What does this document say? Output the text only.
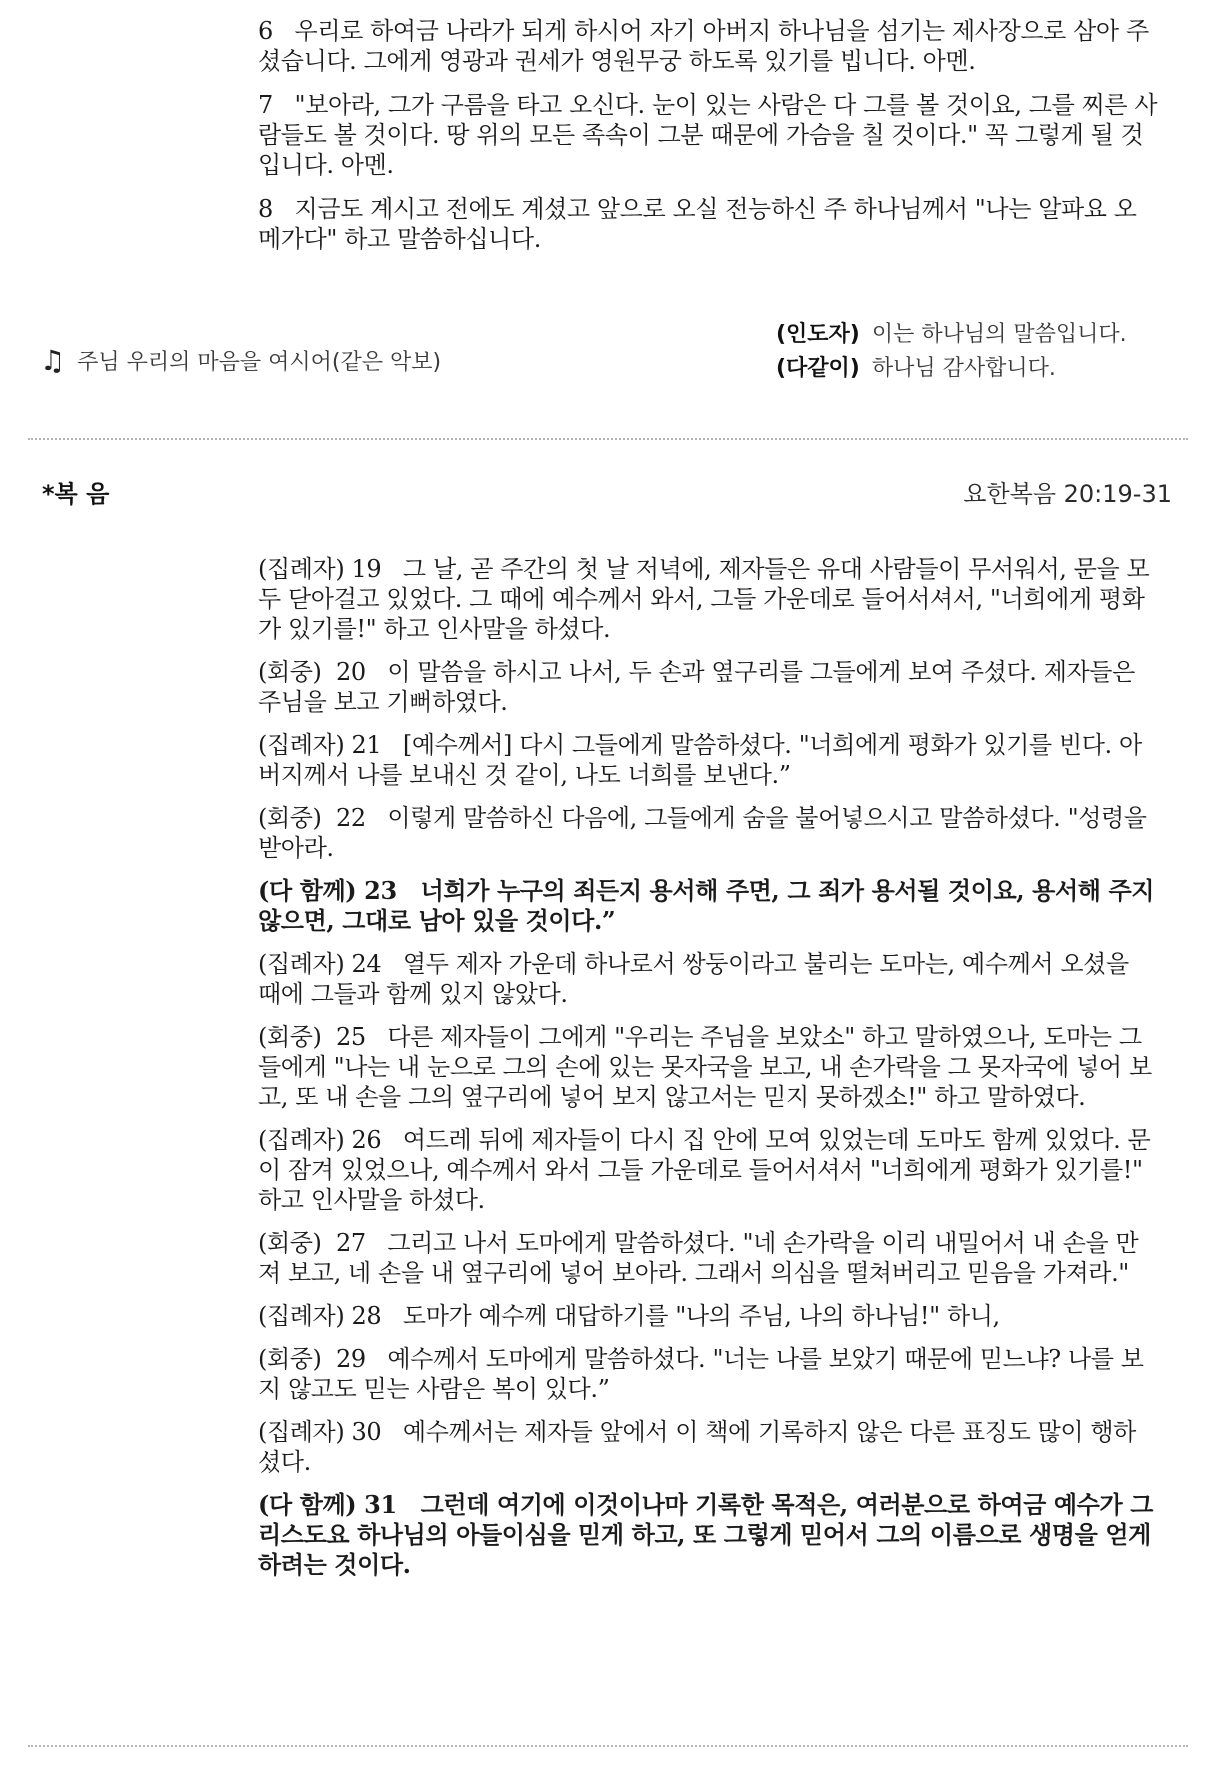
6   우리로 하여금 나라가 되게 하시어 자기 아버지 하나님을 섬기는 제사장으로 삼아 주셨습니다. 그에게 영광과 권세가 영원무궁 하도록 있기를 빕니다. 아멘.

7   "보아라, 그가 구름을 타고 오신다. 눈이 있는 사람은 다 그를 볼 것이요, 그를 찌른 사람들도 볼 것이다. 땅 위의 모든 족속이 그분 때문에 가슴을 칠 것이다." 꼭 그렇게 될 것입니다. 아멘.

8   지금도 계시고 전에도 계셨고 앞으로 오실 전능하신 주 하나님께서 "나는 알파요 오메가다" 하고 말씀하십니다.

♫ 주님 우리의 마음을 여시어(같은 악보)
(인도자) 이는 하나님의 말씀입니다.
(다같이) 하나님 감사합니다.
*복 음	요한복음 20:19-31

(집례자) 19   그 날, 곧 주간의 첫 날 저녁에, 제자들은 유대 사람들이 무서워서, 문을 모두 닫아걸고 있었다. 그 때에 예수께서 와서, 그들 가운데로 들어서셔서, "너희에게 평화가 있기를!" 하고 인사말을 하셨다.

(회중)  20   이 말씀을 하시고 나서, 두 손과 옆구리를 그들에게 보여 주셨다. 제자들은 주님을 보고 기뻐하였다.

(집례자) 21   [예수께서] 다시 그들에게 말씀하셨다. "너희에게 평화가 있기를 빈다. 아버지께서 나를 보내신 것 같이, 나도 너희를 보낸다.”

(회중)  22   이렇게 말씀하신 다음에, 그들에게 숨을 불어넣으시고 말씀하셨다. "성령을 받아라.

(다 함께) 23   너희가 누구의 죄든지 용서해 주면, 그 죄가 용서될 것이요, 용서해 주지 않으면, 그대로 남아 있을 것이다.”

(집례자) 24   열두 제자 가운데 하나로서 쌍둥이라고 불리는 도마는, 예수께서 오셨을 때에 그들과 함께 있지 않았다.

(회중)  25   다른 제자들이 그에게 "우리는 주님을 보았소" 하고 말하였으나, 도마는 그들에게 "나는 내 눈으로 그의 손에 있는 못자국을 보고, 내 손가락을 그 못자국에 넣어 보고, 또 내 손을 그의 옆구리에 넣어 보지 않고서는 믿지 못하겠소!" 하고 말하였다.

(집례자) 26   여드레 뒤에 제자들이 다시 집 안에 모여 있었는데 도마도 함께 있었다. 문이 잠겨 있었으나, 예수께서 와서 그들 가운데로 들어서셔서 "너희에게 평화가 있기를!" 하고 인사말을 하셨다.

(회중)  27   그리고 나서 도마에게 말씀하셨다. "네 손가락을 이리 내밀어서 내 손을 만져 보고, 네 손을 내 옆구리에 넣어 보아라. 그래서 의심을 떨쳐버리고 믿음을 가져라."

(집례자) 28   도마가 예수께 대답하기를 "나의 주님, 나의 하나님!" 하니,

(회중)  29   예수께서 도마에게 말씀하셨다. "너는 나를 보았기 때문에 믿느냐? 나를 보지 않고도 믿는 사람은 복이 있다.”

(집례자) 30   예수께서는 제자들 앞에서 이 책에 기록하지 않은 다른 표징도 많이 행하셨다.

(다 함께) 31   그런데 여기에 이것이나마 기록한 목적은, 여러분으로 하여금 예수가 그리스도요 하나님의 아들이심을 믿게 하고, 또 그렇게 믿어서 그의 이름으로 생명을 얻게 하려는 것이다.
